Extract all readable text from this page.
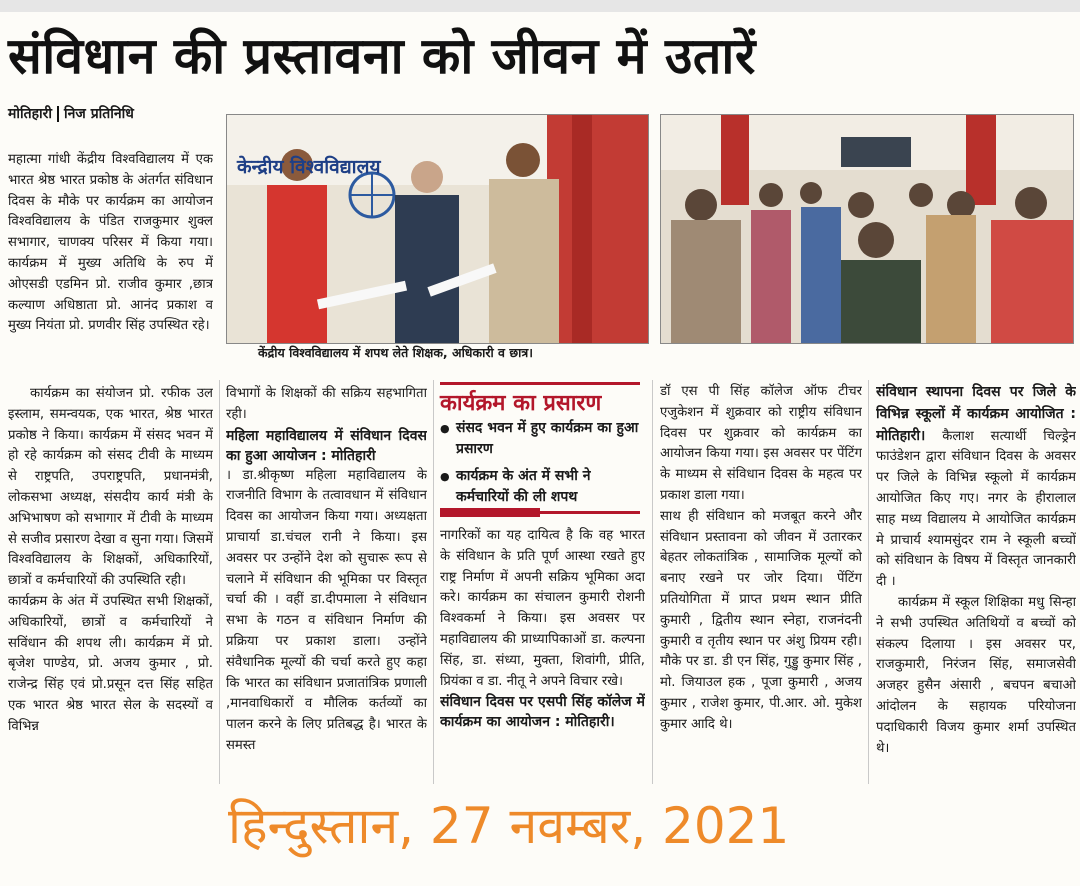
संविधान की प्रस्तावना को जीवन में उतारें
मोतिहारी निज प्रतिनिधि

महात्मा गांधी केंद्रीय विश्वविद्यालय में एक भारत श्रेष्ठ भारत प्रकोष्ठ के अंतर्गत संविधान दिवस के मौके पर कार्यक्रम का आयोजन विश्वविद्यालय के पंडित राजकुमार शुक्ल सभागार, चाणक्य परिसर में किया गया। कार्यक्रम में मुख्य अतिथि के रुप में ओएसडी एडमिन प्रो. राजीव कुमार ,छात्र कल्याण अधिष्ठाता प्रो. आनंद प्रकाश व मुख्य नियंता प्रो. प्रणवीर सिंह उपस्थित रहे।

कार्यक्रम का संयोजन प्रो. रफीक उल इस्लाम, समन्वयक, एक भारत, श्रेष्ठ भारत प्रकोष्ठ ने किया। कार्यक्रम में संसद भवन में हो रहे कार्यक्रम को संसद टीवी के माध्यम से राष्ट्रपति, उपराष्ट्रपति, प्रधानमंत्री, लोकसभा अध्यक्ष, संसदीय कार्य मंत्री के अभिभाषण को सभागार में टीवी के माध्यम से सजीव प्रसारण देखा व सुना गया। जिसमें विश्वविद्यालय के शिक्षकों, अधिकारियों, छात्रों व कर्मचारियों की उपस्थिति रही।

कार्यक्रम के अंत में उपस्थित सभी शिक्षकों, अधिकारियों, छात्रों व कर्मचारियों ने सविंधान की शपथ ली। कार्यक्रम में प्रो. बृजेश पाण्डेय, प्रो. अजय कुमार , प्रो. राजेन्द्र सिंह एवं प्रो.प्रसून दत्त सिंह सहित एक भारत श्रेष्ठ भारत सेल के सदस्यों व विभिन्न

केन्द्रीय विश्वविद्यालय
केंद्रीय विश्वविद्यालय में शपथ लेते शिक्षक, अधिकारी व छात्र।

विभागों के शिक्षकों की सक्रिय सहभागिता रही।

महिला महाविद्यालय में संविधान दिवस का हुआ आयोजन : मोतिहारी

। डा.श्रीकृष्ण महिला महाविद्यालय के राजनीति विभाग के तत्वावधान में संविधान दिवस का आयोजन किया गया। अध्यक्षता प्राचार्या डा.चंचल रानी ने किया। इस अवसर पर उन्होंने देश को सुचारू रूप से चलाने में संविधान की भूमिका पर विस्तृत चर्चा की । वहीं डा.दीपमाला ने संविधान सभा के गठन व संविधान निर्माण की प्रक्रिया पर प्रकाश डाला। उन्होंने संवैधानिक मूल्यों की चर्चा करते हुए कहा कि भारत का संविधान प्रजातांत्रिक प्रणाली ,मानवाधिकारों व मौलिक कर्तव्यों का पालन करने के लिए प्रतिबद्ध है। भारत के समस्त

कार्यक्रम का प्रसारण
● संसद भवन में हुए कार्यक्रम का हुआ प्रसारण
● कार्यक्रम के अंत में सभी ने कर्मचारियों की ली शपथ

नागरिकों का यह दायित्व है कि वह भारत के संविधान के प्रति पूर्ण आस्था रखते हुए राष्ट्र निर्माण में अपनी सक्रिय भूमिका अदा करे। कार्यक्रम का संचालन कुमारी रोशनी विश्वकर्मा ने किया। इस अवसर पर महाविद्यालय की प्राध्यापिकाओं डा. कल्पना सिंह, डा. संध्या, मुक्ता, शिवांगी, प्रीति, प्रियंका व डा. नीतू ने अपने विचार रखे।

संविधान दिवस पर एसपी सिंह कॉलेज में कार्यक्रम का आयोजन : मोतिहारी।

डॉ एस पी सिंह कॉलेज ऑफ टीचर एजुकेशन में शुक्रवार को राष्ट्रीय संविधान दिवस पर शुक्रवार को कार्यक्रम का आयोजन किया गया। इस अवसर पर पेंटिंग के माध्यम से संविधान दिवस के महत्व पर प्रकाश डाला गया।

साथ ही संविधान को मजबूत करने और संविधान प्रस्तावना को जीवन में उतारकर बेहतर लोकतांत्रिक , सामाजिक मूल्यों को बनाए रखने पर जोर दिया। पेंटिंग प्रतियोगिता में प्राप्त प्रथम स्थान प्रीति कुमारी , द्वितीय स्थान स्नेहा, राजनंदनी कुमारी व तृतीय स्थान पर अंशु प्रियम रही। मौके पर डा. डी एन सिंह, गुड्डु कुमार सिंह , मो. जियाउल हक , पूजा कुमारी , अजय कुमार , राजेश कुमार, पी.आर. ओ. मुकेश कुमार आदि थे।

संविधान स्थापना दिवस पर जिले के विभिन्न स्कूलों में कार्यक्रम आयोजित : मोतिहारी। कैलाश सत्यार्थी चिल्ड्रेन फाउंडेशन द्वारा संविधान दिवस के अवसर पर जिले के विभिन्न स्कूलो में कार्यक्रम आयोजित किए गए। नगर के हीरालाल साह मध्य विद्यालय मे आयोजित कार्यक्रम मे प्राचार्य श्यामसुंदर राम ने स्कूली बच्चों को संविधान के विषय में विस्तृत जानकारी दी ।

कार्यक्रम में स्कूल शिक्षिका मधु सिन्हा ने सभी उपस्थित अतिथियों व बच्चों को संकल्प दिलाया । इस अवसर पर, राजकुमारी, निरंजन सिंह, समाजसेवी अजहर हुसैन अंसारी , बचपन बचाओ आंदोलन के सहायक परियोजना पदाधिकारी विजय कुमार शर्मा उपस्थित थे।

हिन्दुस्तान, 27 नवम्बर, 2021
